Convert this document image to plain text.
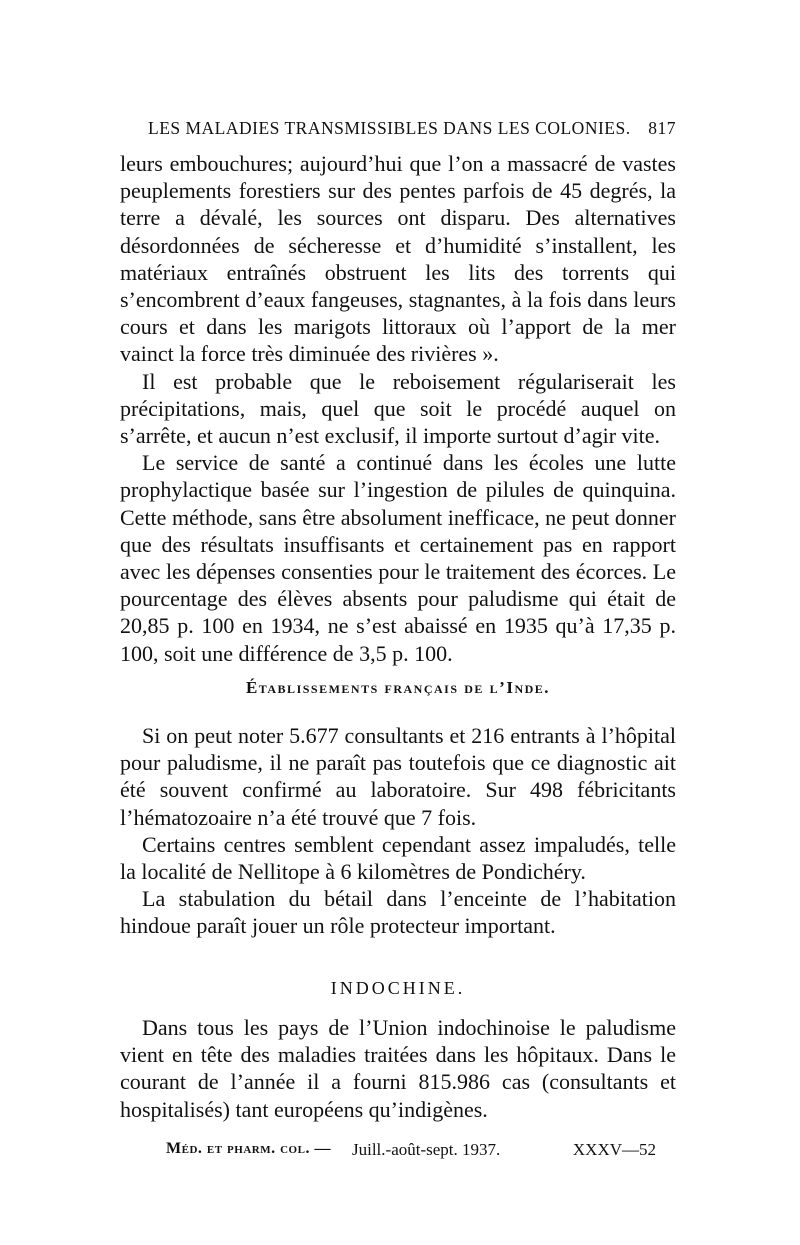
LES MALADIES TRANSMISSIBLES DANS LES COLONIES. 817

leurs embouchures; aujourd’hui que l’on a massacré de vastes peuplements forestiers sur des pentes parfois de 45 degrés, la terre a dévalé, les sources ont disparu. Des alternatives désordonnées de sécheresse et d’humidité s’installent, les matériaux entraînés obstruent les lits des torrents qui s’encombrent d’eaux fangeuses, stagnantes, à la fois dans leurs cours et dans les marigots littoraux où l’apport de la mer vainct la force très diminuée des rivières ».

Il est probable que le reboisement régulariserait les précipitations, mais, quel que soit le procédé auquel on s’arrête, et aucun n’est exclusif, il importe surtout d’agir vite.

Le service de santé a continué dans les écoles une lutte prophylactique basée sur l’ingestion de pilules de quinquina. Cette méthode, sans être absolument inefficace, ne peut donner que des résultats insuffisants et certainement pas en rapport avec les dépenses consenties pour le traitement des écorces. Le pourcentage des élèves absents pour paludisme qui était de 20,85 p. 100 en 1934, ne s’est abaissé en 1935 qu’à 17,35 p. 100, soit une différence de 3,5 p. 100.

Établissements français de l’Inde.

Si on peut noter 5.677 consultants et 216 entrants à l’hôpital pour paludisme, il ne paraît pas toutefois que ce diagnostic ait été souvent confirmé au laboratoire. Sur 498 fébricitants l’hématozoaire n’a été trouvé que 7 fois.

Certains centres semblent cependant assez impaludés, telle la localité de Nellitope à 6 kilomètres de Pondichéry.

La stabulation du bétail dans l’enceinte de l’habitation hindoue paraît jouer un rôle protecteur important.

INDOCHINE.

Dans tous les pays de l’Union indochinoise le paludisme vient en tête des maladies traitées dans les hôpitaux. Dans le courant de l’année il a fourni 815.986 cas (consultants et hospitalisés) tant européens qu’indigènes.

Méd. et pharm. col. — Juill.-août-sept. 1937.	XXXV—52
